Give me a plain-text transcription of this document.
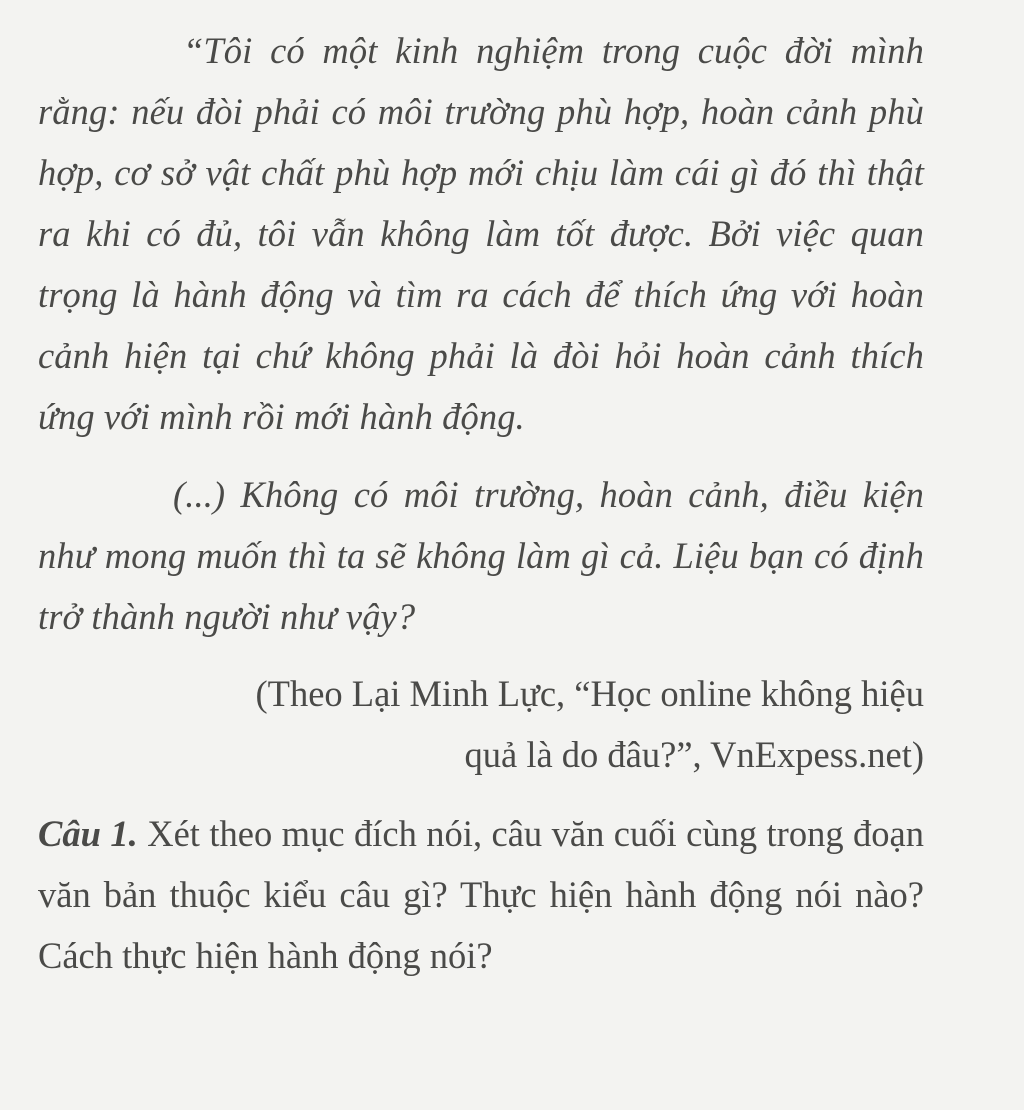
“Tôi có một kinh nghiệm trong cuộc đời mình rằng: nếu đòi phải có môi trường phù hợp, hoàn cảnh phù hợp, cơ sở vật chất phù hợp mới chịu làm cái gì đó thì thật ra khi có đủ, tôi vẫn không làm tốt được. Bởi việc quan trọng là hành động và tìm ra cách để thích ứng với hoàn cảnh hiện tại chứ không phải là đòi hỏi hoàn cảnh thích ứng với mình rồi mới hành động.

(...) Không có môi trường, hoàn cảnh, điều kiện như mong muốn thì ta sẽ không làm gì cả. Liệu bạn có định trở thành người như vậy?

(Theo Lại Minh Lực, “Học online không hiệu
quả là do đâu?”, VnExpess.net)
Câu 1. Xét theo mục đích nói, câu văn cuối cùng trong đoạn văn bản thuộc kiểu câu gì? Thực hiện hành động nói nào? Cách thực hiện hành động nói?
